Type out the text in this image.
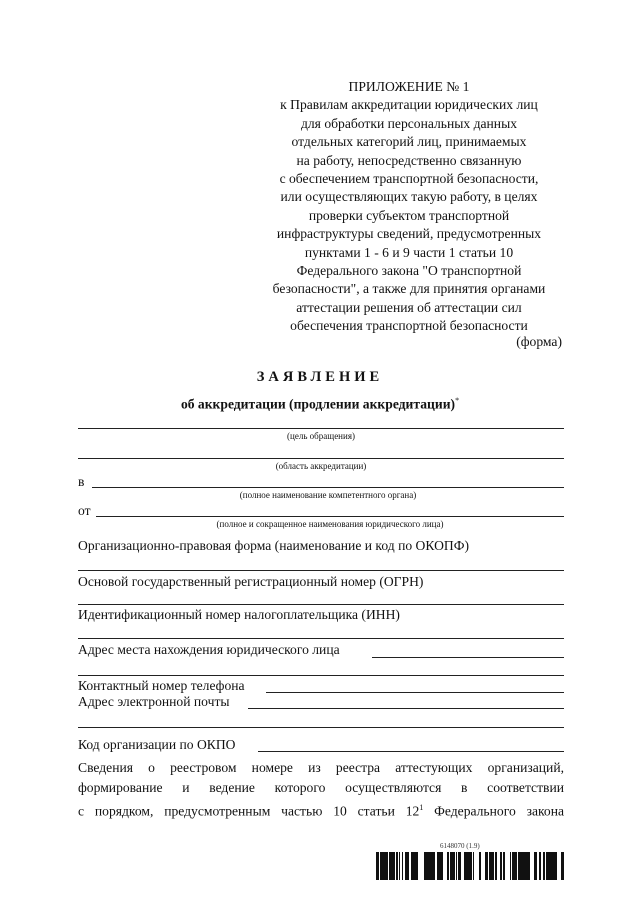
ПРИЛОЖЕНИЕ № 1
к Правилам аккредитации юридических лиц
для обработки персональных данных
отдельных категорий лиц, принимаемых
на работу, непосредственно связанную
с обеспечением транспортной безопасности,
или осуществляющих такую работу, в целях
проверки субъектом транспортной
инфраструктуры сведений, предусмотренных
пунктами 1 - 6 и 9 части 1 статьи 10
Федерального закона "О транспортной
безопасности", а также для принятия органами
аттестации решения об аттестации сил
обеспечения транспортной безопасности
(форма)
ЗАЯВЛЕНИЕ
об аккредитации (продлении аккредитации)*
(цель обращения)
(область аккредитации)
в
(полное наименование компетентного органа)
от
(полное и сокращенное наименования юридического лица)
Организационно-правовая форма (наименование и код по ОКОПФ)
Основой государственный регистрационный номер (ОГРН)
Идентификационный номер налогоплательщика (ИНН)
Адрес места нахождения юридического лица
Контактный номер телефона
Адрес электронной почты
Код организации по ОКПО
Сведения о реестровом номере из реестра аттестующих организаций,
формирование и ведение которого осуществляются в соответствии
с порядком, предусмотренным частью 10 статьи $12^1$ Федерального закона
6148070 (1.9)
